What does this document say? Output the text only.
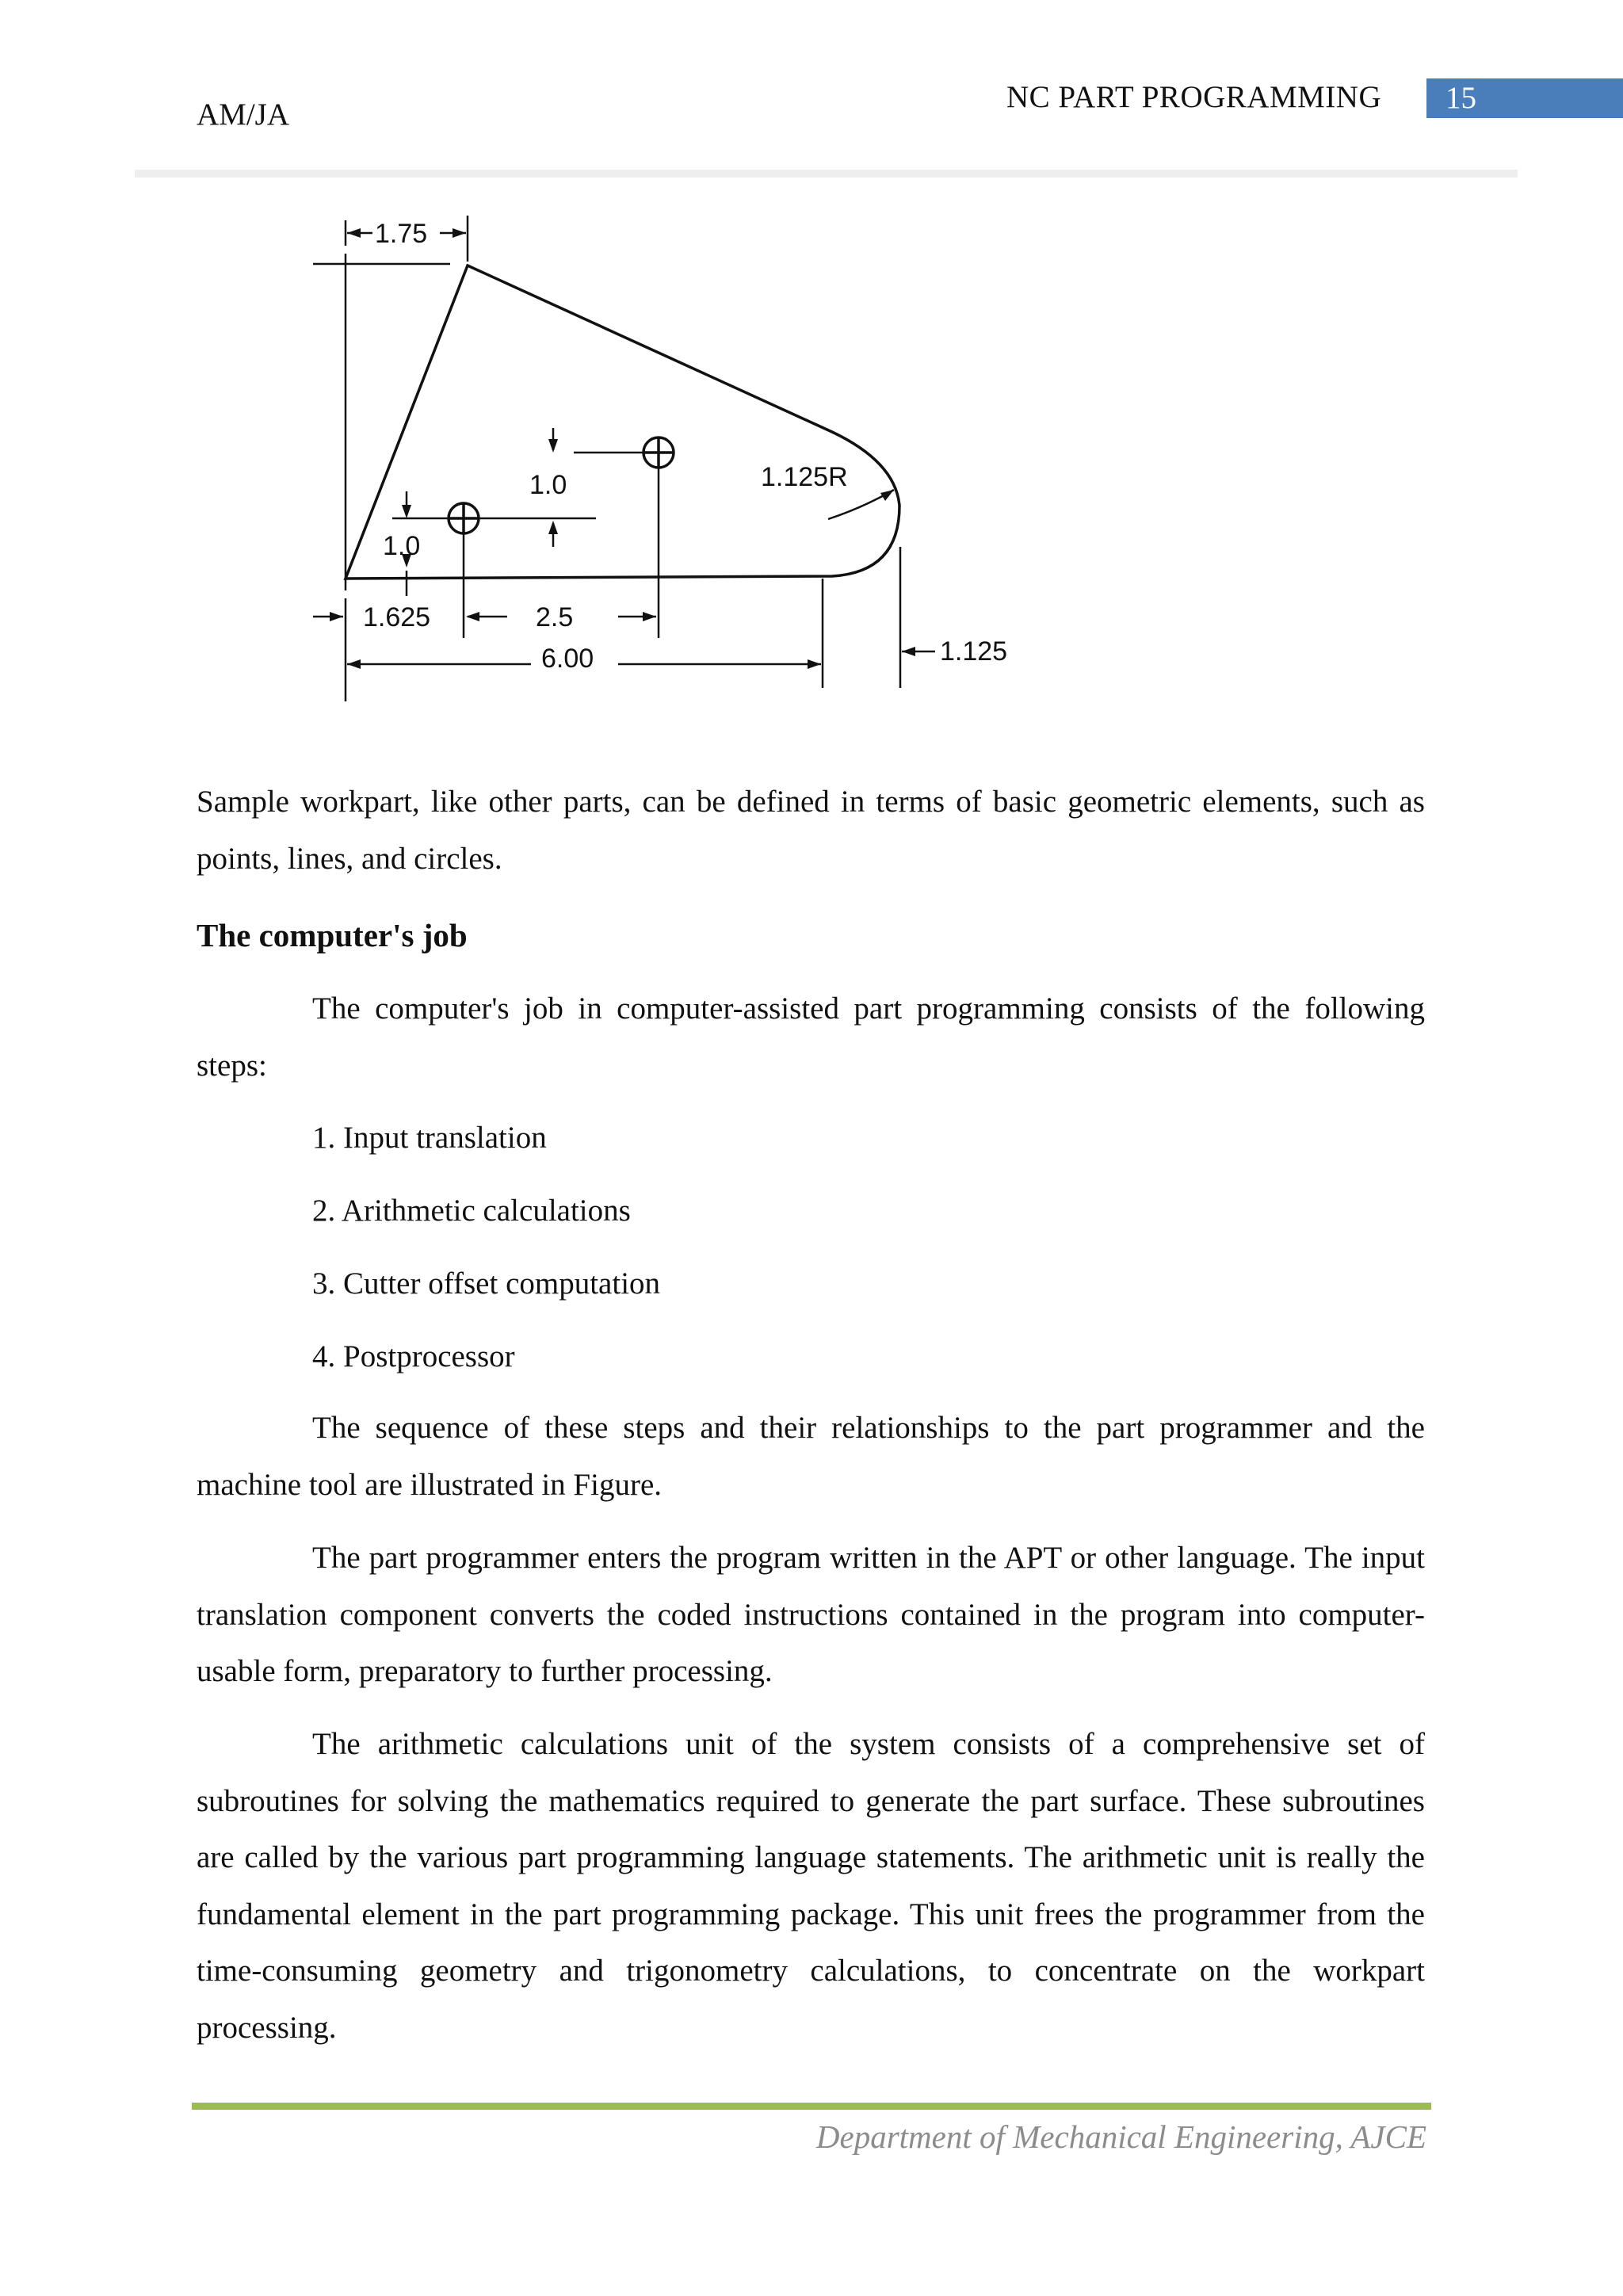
AM/JA
NC PART PROGRAMMING	15
1.75
1.0	1.125R
1.0
1.625	2.5
6.00	1.125

Sample workpart, like other parts, can be defined in terms of basic geometric elements, such as points, lines, and circles.

The computer's job

The computer's job in computer-assisted part programming consists of the following steps:

1. Input translation
2. Arithmetic calculations
3. Cutter offset computation
4. Postprocessor

The sequence of these steps and their relationships to the part programmer and the machine tool are illustrated in Figure.

The part programmer enters the program written in the APT or other language. The input translation component converts the coded instructions contained in the program into computer-usable form, preparatory to further processing.

The arithmetic calculations unit of the system consists of a comprehensive set of subroutines for solving the mathematics required to generate the part surface. These subroutines are called by the various part programming language statements. The arithmetic unit is really the fundamental element in the part programming package. This unit frees the programmer from the time-consuming geometry and trigonometry calculations, to concentrate on the workpart processing.

Department of Mechanical Engineering, AJCE
